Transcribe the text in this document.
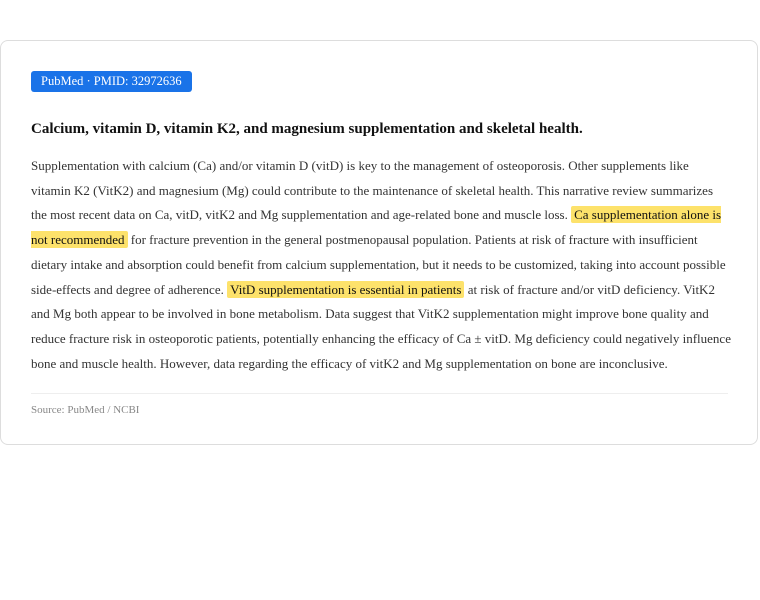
PubMed · PMID: 32972636
Calcium, vitamin D, vitamin K2, and magnesium supplementation and skeletal health.

Supplementation with calcium (Ca) and/or vitamin D (vitD) is key to the management of osteoporosis. Other supplements like vitamin K2 (VitK2) and magnesium (Mg) could contribute to the maintenance of skeletal health. This narrative review summarizes the most recent data on Ca, vitD, vitK2 and Mg supplementation and age-related bone and muscle loss. Ca supplementation alone is not recommended for fracture prevention in the general postmenopausal population. Patients at risk of fracture with insufficient dietary intake and absorption could benefit from calcium supplementation, but it needs to be customized, taking into account possible side-effects and degree of adherence. VitD supplementation is essential in patients at risk of fracture and/or vitD deficiency. VitK2 and Mg both appear to be involved in bone metabolism. Data suggest that VitK2 supplementation might improve bone quality and reduce fracture risk in osteoporotic patients, potentially enhancing the efficacy of Ca ± vitD. Mg deficiency could negatively influence bone and muscle health. However, data regarding the efficacy of vitK2 and Mg supplementation on bone are inconclusive.

Source: PubMed / NCBI
